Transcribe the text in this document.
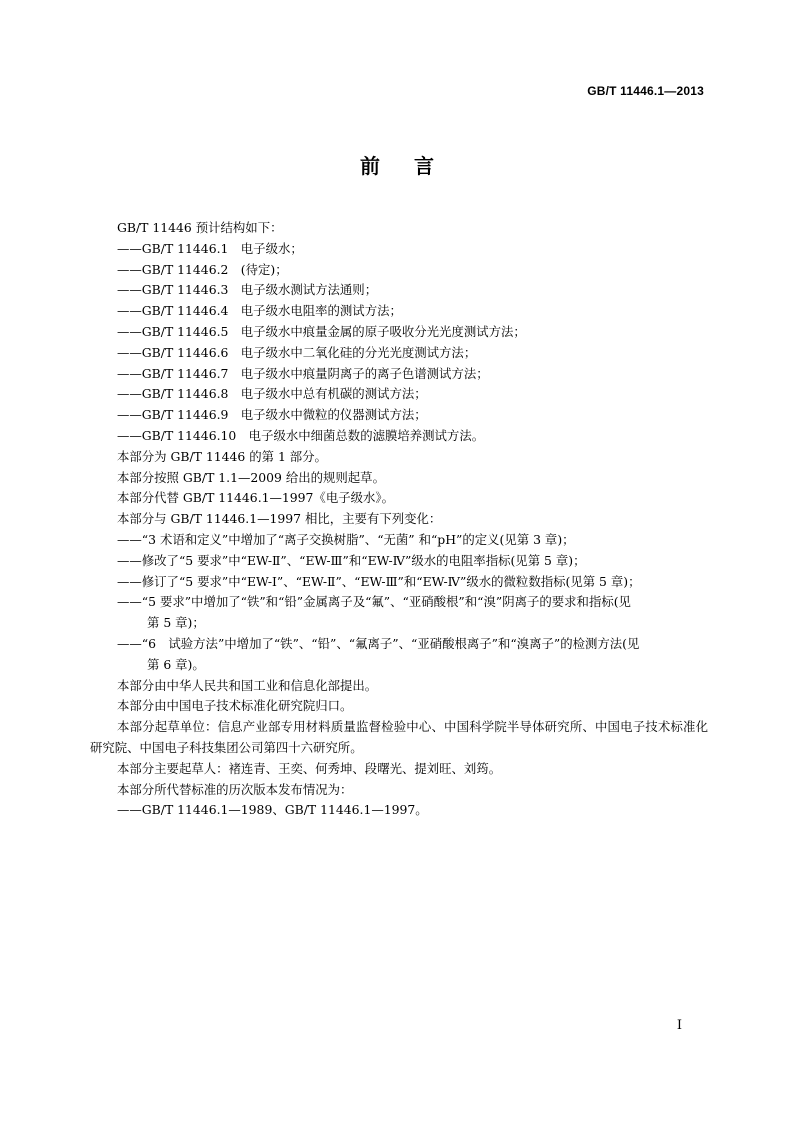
GB/T 11446.1—2013
前言

GB/T 11446 预计结构如下：

——GB/T 11446.1　电子级水；

——GB/T 11446.2　(待定)；

——GB/T 11446.3　电子级水测试方法通则；

——GB/T 11446.4　电子级水电阻率的测试方法；

——GB/T 11446.5　电子级水中痕量金属的原子吸收分光光度测试方法；

——GB/T 11446.6　电子级水中二氧化硅的分光光度测试方法；

——GB/T 11446.7　电子级水中痕量阴离子的离子色谱测试方法；

——GB/T 11446.8　电子级水中总有机碳的测试方法；

——GB/T 11446.9　电子级水中微粒的仪器测试方法；

——GB/T 11446.10　电子级水中细菌总数的滤膜培养测试方法。

本部分为 GB/T 11446 的第 1 部分。

本部分按照 GB/T 1.1—2009 给出的规则起草。

本部分代替 GB/T 11446.1—1997《电子级水》。

本部分与 GB/T 11446.1—1997 相比，主要有下列变化：

——“3 术语和定义”中增加了“离子交换树脂”、“无菌” 和“pH”的定义(见第 3 章)；

——修改了“5 要求”中“EW-Ⅱ”、“EW-Ⅲ”和“EW-Ⅳ”级水的电阻率指标(见第 5 章)；

——修订了“5 要求”中“EW-Ⅰ”、“EW-Ⅱ”、“EW-Ⅲ”和“EW-Ⅳ”级水的微粒数指标(见第 5 章)；

——“5 要求”中增加了“铁”和“铅”金属离子及“氟”、“亚硝酸根”和“溴”阴离子的要求和指标(见

第 5 章)；

——“6　试验方法”中增加了“铁”、“铅”、“氟离子”、“亚硝酸根离子”和“溴离子”的检测方法(见

第 6 章)。

本部分由中华人民共和国工业和信息化部提出。

本部分由中国电子技术标准化研究院归口。

本部分起草单位：信息产业部专用材料质量监督检验中心、中国科学院半导体研究所、中国电子技术标准化研究院、中国电子科技集团公司第四十六研究所。

本部分主要起草人：褚连青、王奕、何秀坤、段曙光、提刘旺、刘筠。

本部分所代替标准的历次版本发布情况为：

——GB/T 11446.1—1989、GB/T 11446.1—1997。

Ⅰ
